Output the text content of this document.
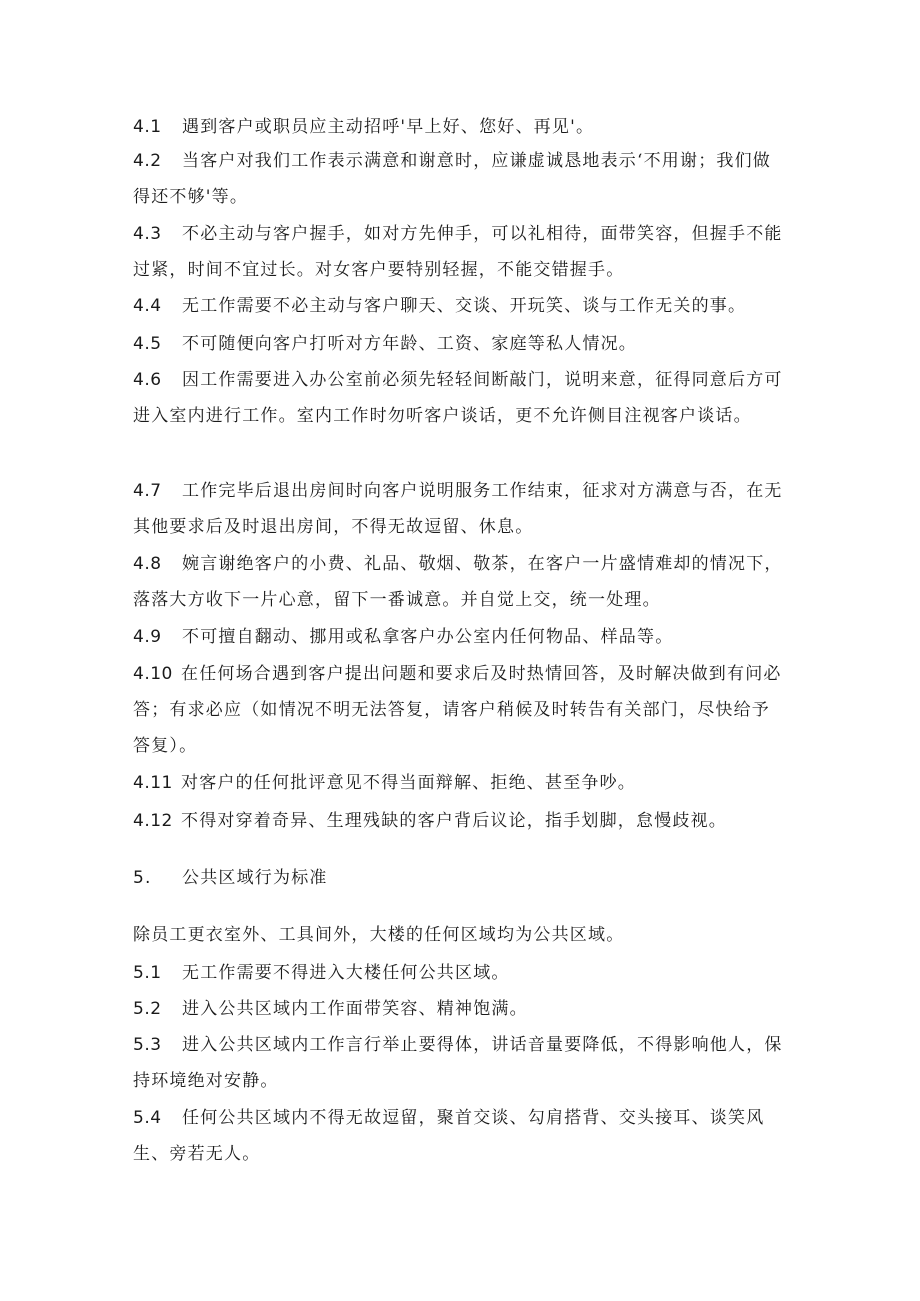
4.1 遇到客户或职员应主动招呼'早上好、您好、再见'。
4.2 当客户对我们工作表示满意和谢意时，应谦虚诚恳地表示‘不用谢；我们做得还不够'等。
4.3 不必主动与客户握手，如对方先伸手，可以礼相待，面带笑容，但握手不能过紧，时间不宜过长。对女客户要特别轻握，不能交错握手。
4.4 无工作需要不必主动与客户聊天、交谈、开玩笑、谈与工作无关的事。
4.5 不可随便向客户打听对方年龄、工资、家庭等私人情况。
4.6 因工作需要进入办公室前必须先轻轻间断敲门，说明来意，征得同意后方可进入室内进行工作。室内工作时勿听客户谈话，更不允许侧目注视客户谈话。
4.7 工作完毕后退出房间时向客户说明服务工作结束，征求对方满意与否，在无其他要求后及时退出房间，不得无故逗留、休息。
4.8 婉言谢绝客户的小费、礼品、敬烟、敬茶，在客户一片盛情难却的情况下，落落大方收下一片心意，留下一番诚意。并自觉上交，统一处理。
4.9 不可擅自翻动、挪用或私拿客户办公室内任何物品、样品等。
4.10 在任何场合遇到客户提出问题和要求后及时热情回答，及时解决做到有问必答；有求必应（如情况不明无法答复，请客户稍候及时转告有关部门，尽快给予答复）。
4.11 对客户的任何批评意见不得当面辩解、拒绝、甚至争吵。
4.12 不得对穿着奇异、生理残缺的客户背后议论，指手划脚，怠慢歧视。
5. 公共区域行为标准
除员工更衣室外、工具间外，大楼的任何区域均为公共区域。
5.1 无工作需要不得进入大楼任何公共区域。
5.2 进入公共区域内工作面带笑容、精神饱满。
5.3 进入公共区域内工作言行举止要得体，讲话音量要降低，不得影响他人，保持环境绝对安静。
5.4 任何公共区域内不得无故逗留，聚首交谈、勾肩搭背、交头接耳、谈笑风生、旁若无人。
